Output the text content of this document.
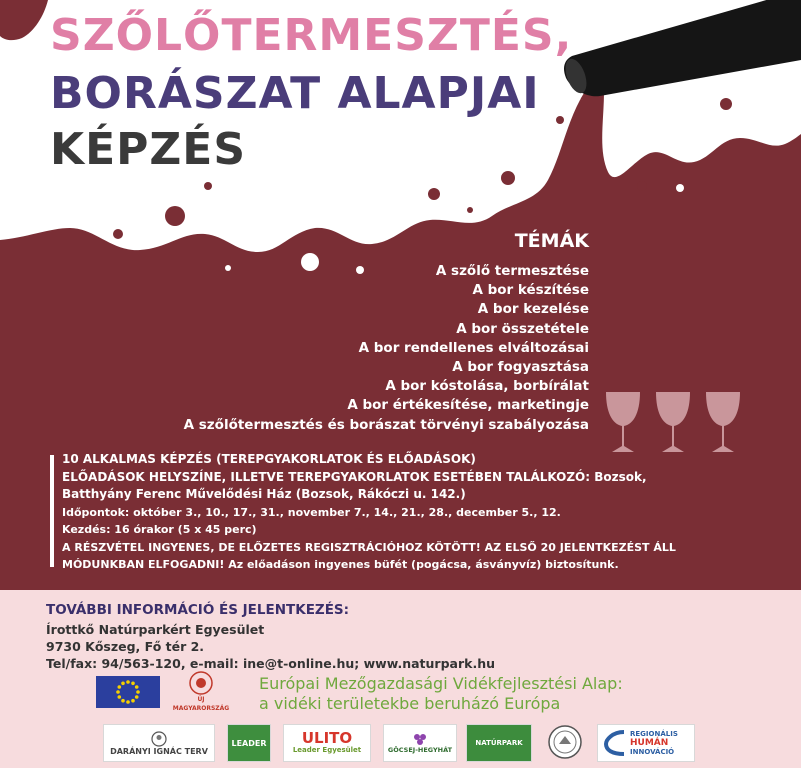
SZŐLŐTERMESZTÉS,
BORÁSZAT ALAPJAI
KÉPZÉS
TÉMÁK
A szőlő termesztése
A bor készítése
A bor kezelése
A bor összetétele
A bor rendellenes elváltozásai
A bor fogyasztása
A bor kóstolása, borbírálat
A bor értékesítése, marketingje
A szőlőtermesztés és borászat törvényi szabályozása
10 ALKALMAS KÉPZÉS (TEREPGYAKORLATOK ÉS ELŐADÁSOK)
ELŐADÁSOK HELYSZÍNE, ILLETVE TEREPGYAKORLATOK ESETÉBEN TALÁLKOZÓ: Bozsok,
Batthyány Ferenc Művelődési Ház (Bozsok, Rákóczi u. 142.)
Időpontok: október 3., 10., 17., 31., november 7., 14., 21., 28., december 5., 12.
Kezdés: 16 órakor (5 x 45 perc)
A RÉSZVÉTEL INGYENES, DE ELŐZETES REGISZTRÁCIÓHOZ KÖTÖTT! AZ ELSŐ 20 JELENTKEZÉST ÁLL
MÓDUNKBAN ELFOGADNI! Az előadáson ingyenes büfét (pogácsa, ásványvíz) biztosítunk.
TOVÁBBI INFORMÁCIÓ ÉS JELENTKEZÉS:
Írottkő Natúrparkért Egyesület
9730 Kőszeg, Fő tér 2.
Tel/fax: 94/563-120, e-mail: ine@t-online.hu; www.naturpark.hu
ÚJ MAGYARORSZÁG
Európai Mezőgazdasági Vidékfejlesztési Alap:
a vidéki területekbe beruházó Európa
DARÁNYI IGNÁC TERV
LEADER ULITO
Leader Egyesület	GÖCSEJ-HEGYHÁT
NATÚRPARK
REGIONÁLIS
HUMÁN
INNOVÁCIÓ
